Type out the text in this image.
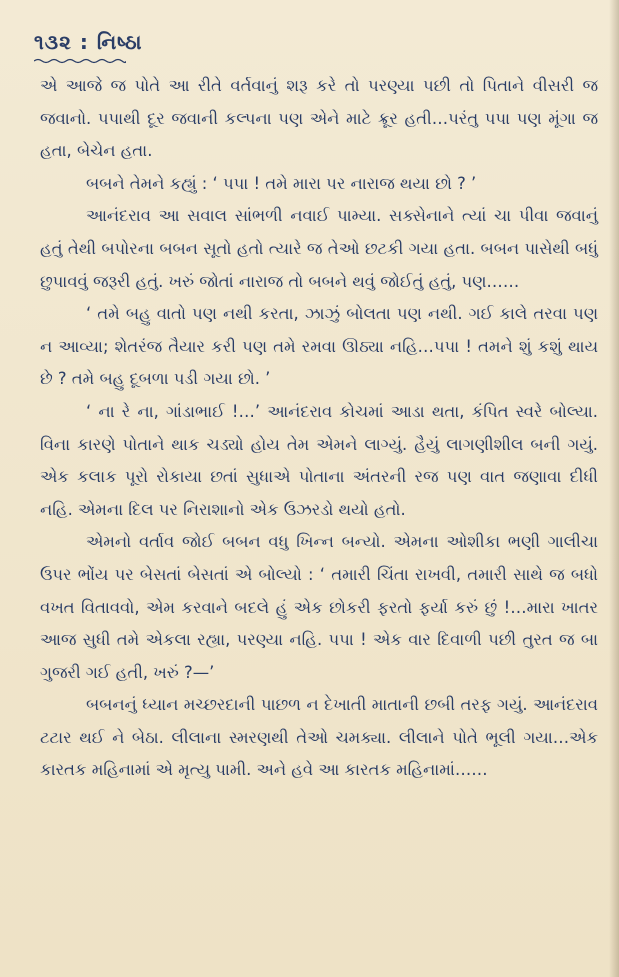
૧૩૨ : નિષ્ઠા

એ આજે જ પોતે આ રીતે વર્તવાનું શરૂ કરે તો પરણ્યા પછી તો પિતાને વીસરી જ જવાનો. પપાથી દૂર જવાની કલ્પના પણ એને માટે ક્રૂર હતી…પરંતુ પપા પણ મૂંગા જ હતા, બેચેન હતા.

બબને તેમને કહ્યું : ‘ પપા ! તમે મારા પર નારાજ થયા છો ? ’

આનંદરાવ આ સવાલ સાંભળી નવાઈ પામ્યા. સક્સેનાને ત્યાં ચા પીવા જવાનું હતું તેથી બપોરના બબન સૂતો હતો ત્યારે જ તેઓ છટકી ગયા હતા. બબન પાસેથી બધું છુપાવવું જરૂરી હતું. ખરું જોતાં નારાજ તો બબને થવું જોઈતું હતું, પણ……

‘ તમે બહુ વાતો પણ નથી કરતા, ઝાઝું બોલતા પણ નથી. ગઈ કાલે તરવા પણ ન આવ્યા; શેતરંજ તૈયાર કરી પણ તમે રમવા ઊઠ્યા નહિ…પપા ! તમને શું કશું થાય છે ? તમે બહુ દૂબળા પડી ગયા છો. ’

‘ ના રે ના, ગાંડાભાઈ !…’ આનંદરાવ કોચમાં આડા થતા, કંપિત સ્વરે બોલ્યા. વિના કારણે પોતાને થાક ચડ્યો હોય તેમ એમને લાગ્યું. હૈયું લાગણીશીલ બની ગયું. એક કલાક પૂરો રોકાયા છતાં સુધાએ પોતાના અંતરની રજ પણ વાત જણાવા દીધી નહિ. એમના દિલ પર નિરાશાનો એક ઉઝરડો થયો હતો.

એમનો વર્તાવ જોઈ બબન વધુ ખિન્ન બન્યો. એમના ઓશીકા ભણી ગાલીચા ઉપર ભોંય પર બેસતાં બેસતાં એ બોલ્યો : ‘ તમારી ચિંતા રાખવી, તમારી સાથે જ બધો વખત વિતાવવો, એમ કરવાને બદલે હું એક છોકરી ફરતો ફર્યા કરું છું !…મારા ખાતર આજ સુધી તમે એકલા રહ્યા, પરણ્યા નહિ. પપા ! એક વાર દિવાળી પછી તુરત જ બા ગુજરી ગઈ હતી, ખરું ?—’

બબનનું ધ્યાન મચ્છરદાની પાછળ ન દેખાતી માતાની છબી તરફ ગયું. આનંદરાવ ટટાર થઈ ને બેઠા. લીલાના સ્મરણથી તેઓ ચમક્યા. લીલાને પોતે ભૂલી ગયા…એક કારતક મહિનામાં એ મૃત્યુ પામી. અને હવે આ કારતક મહિનામાં……
